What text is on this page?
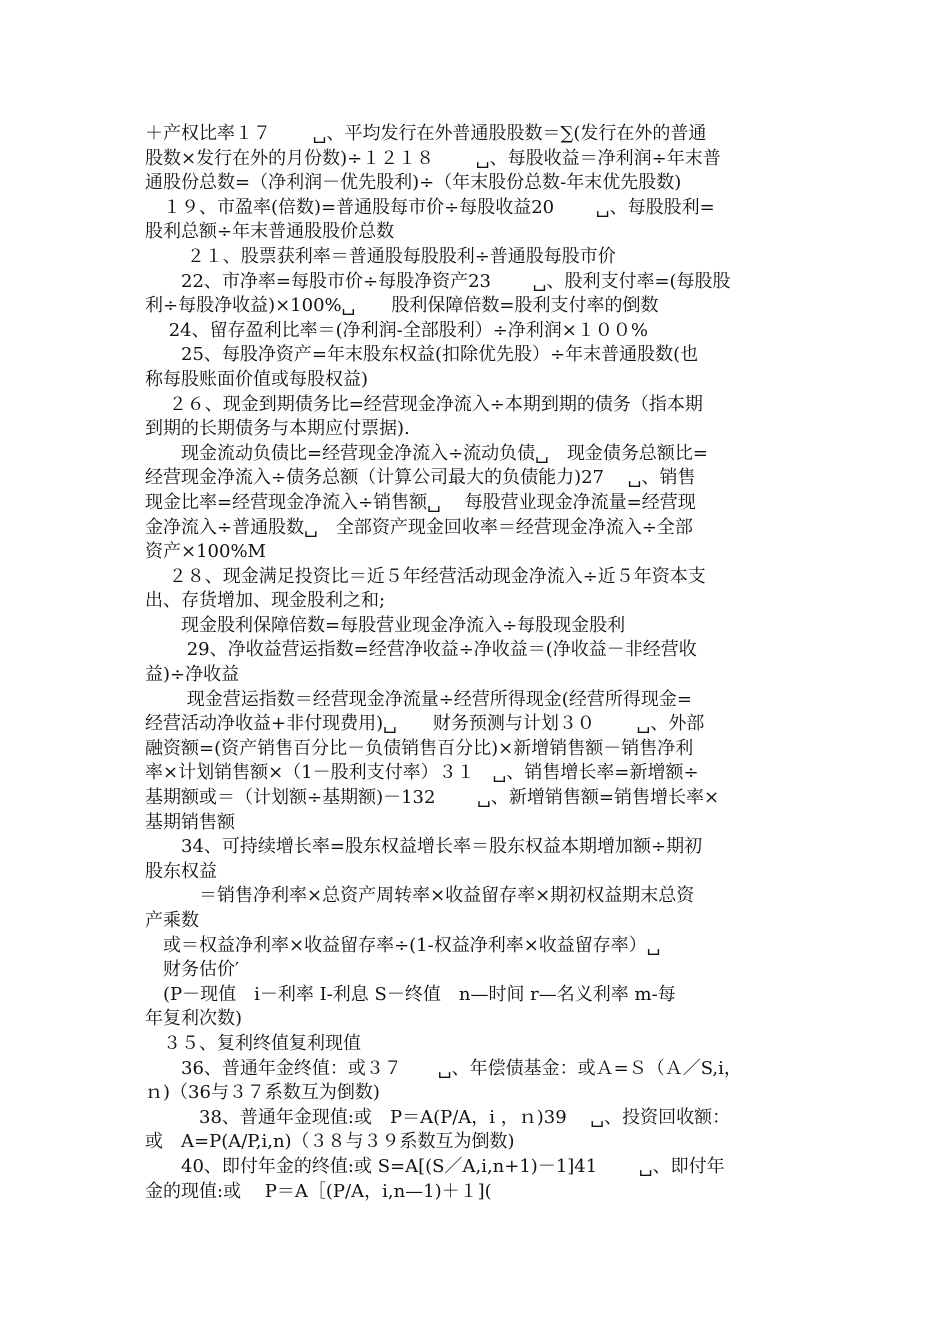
＋产权比率１７　　 ␣、平均发行在外普通股股数＝∑(发行在外的普通
股数×发行在外的月份数)÷１２１８　　 ␣、每股收益＝净利润÷年末普
通股份总数=（净利润－优先股利)÷（年末股份总数-年末优先股数)
　１９、市盈率(倍数)=普通股每市价÷每股收益20　　 ␣、每股股利=
股利总额÷年末普通股股价总数
　　 ２１、股票获利率＝普通股每股股利÷普通股每股市价
　　22、市净率=每股市价÷每股净资产23　　 ␣、股利支付率=(每股股
利÷每股净收益)×100%␣　　股利保障倍数=股利支付率的倒数
　 24、留存盈利比率＝(净利润-全部股利）÷净利润×１００%
　　25、每股净资产=年末股东权益(扣除优先股）÷年末普通股数(也
称每股账面价值或每股权益)
　 ２６、现金到期债务比=经营现金净流入÷本期到期的债务（指本期
到期的长期债务与本期应付票据).
　　现金流动负债比=经营现金净流入÷流动负债␣　现金债务总额比=
经营现金净流入÷债务总额（计算公司最大的负债能力)27　 ␣、销售
现金比率=经营现金净流入÷销售额␣　 每股营业现金净流量=经营现
金净流入÷普通股数␣　全部资产现金回收率＝经营现金净流入÷全部
资产×100%M
　 ２８、现金满足投资比＝近５年经营活动现金净流入÷近５年资本支
出、存货增加、现金股利之和;
　　现金股利保障倍数=每股营业现金净流入÷每股现金股利
　　 29、净收益营运指数=经营净收益÷净收益＝(净收益－非经营收
益)÷净收益
　　 现金营运指数＝经营现金净流量÷经营所得现金(经营所得现金=
经营活动净收益+非付现费用)␣　　财务预测与计划３０　　 ␣、外部
融资额=(资产销售百分比－负债销售百分比)×新增销售额－销售净利
率×计划销售额×（1－股利支付率）３１　␣、销售增长率=新增额÷
基期额或＝（计划额÷基期额)－132　　 ␣、新增销售额=销售增长率×
基期销售额
　　34、可持续增长率=股东权益增长率＝股东权益本期增加额÷期初
股东权益
　　　＝销售净利率×总资产周转率×收益留存率×期初权益期末总资
产乘数
　或＝权益净利率×收益留存率÷(1-权益净利率×收益留存率）␣
　财务估价′
　(P－现值　i－利率 I-利息 S－终值　n—时间 r—名义利率 m-每
年复利次数)
　３５、复利终值复利现值
　　36、普通年金终值：或３７　　␣、年偿债基金：或Ａ=Ｓ（Ａ／S,i，
ｎ)（36与３７系数互为倒数)
　　　38、普通年金现值:或　P＝A(P/A，i ，ｎ)39　 ␣、投资回收额：
或　A=P(A/P,i,n)（３８与３９系数互为倒数)
　　40、即付年金的终值:或 S=A[(S／A,i,n+1)－1]41　　 ␣、即付年
金的现值:或　 P＝A［(P/A，i,n—1)＋１](
